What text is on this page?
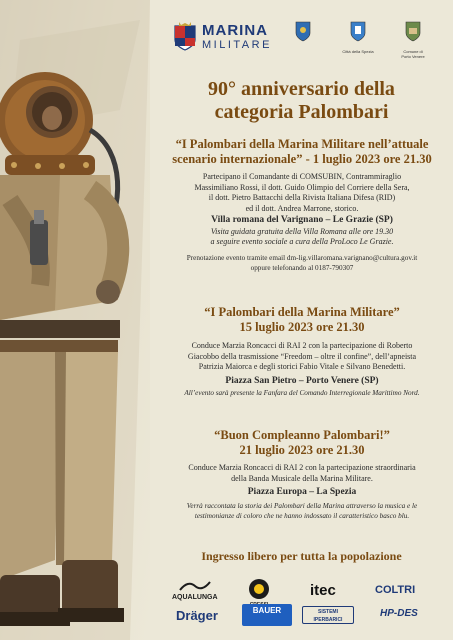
MARINA
MILITARE
Città della Spezia	Comune di
Porto Venere
90° anniversario della
categoria Palombari
“I Palombari della Marina Militare nell’attuale
scenario internazionale” - 1 luglio 2023 ore 21.30
Partecipano il Comandante di COMSUBIN, Contrammiraglio
Massimiliano Rossi, il dott. Guido Olimpio del Corriere della Sera,
il dott. Pietro Battacchi della Rivista Italiana Difesa (RID)
ed il dott. Andrea Marrone, storico.
Villa romana del Varignano – Le Grazie (SP)
Visita guidata gratuita della Villa Romana alle ore 19.30
a seguire evento sociale a cura della ProLoco Le Grazie.
Prenotazione evento tramite email dm-lig.villaromana.varignano@cultura.gov.it
oppure telefonando al 0187-790307
“I Palombari della Marina Militare”
15 luglio 2023 ore 21.30
Conduce Marzia Roncacci di RAI 2 con la partecipazione di Roberto
Giacobbo della trasmissione “Freedom – oltre il confine”, dell’apneista
Patrizia Maiorca e degli storici Fabio Vitale e Silvano Benedetti.
Piazza San Pietro – Porto Venere (SP)
All’evento sarà presente la Fanfara del Comando Interregionale Marittimo Nord.
“Buon Compleanno Palombari!”
21 luglio 2023 ore 21.30
Conduce Marzia Roncacci di RAI 2 con la partecipazione straordinaria
della Banda Musicale della Marina Militare.
Piazza Europa – La Spezia
Verrà raccontata la storia dei Palombari della Marina attraverso la musica e le
testimonianze di coloro che ne hanno indossato il caratteristico basco blu.
Ingresso libero per tutta la popolazione
AQUALUNGA	itec	COLTRI
Dräger	BAUER	SISTEMI IPERBARICI
HP-DES
